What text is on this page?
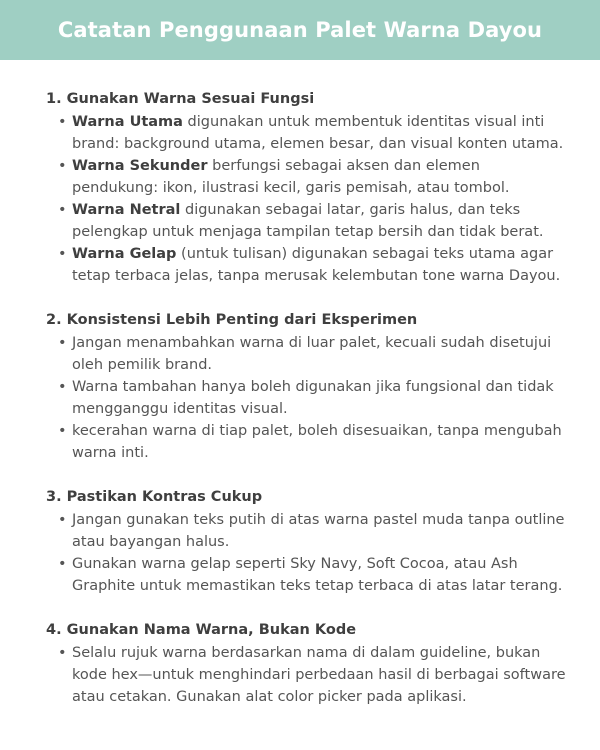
Catatan Penggunaan Palet Warna Dayou
1. Gunakan Warna Sesuai Fungsi
• Warna Utama digunakan untuk membentuk identitas visual inti brand: background utama, elemen besar, dan visual konten utama.
• Warna Sekunder berfungsi sebagai aksen dan elemen pendukung: ikon, ilustrasi kecil, garis pemisah, atau tombol.
• Warna Netral digunakan sebagai latar, garis halus, dan teks pelengkap untuk menjaga tampilan tetap bersih dan tidak berat.
• Warna Gelap (untuk tulisan) digunakan sebagai teks utama agar tetap terbaca jelas, tanpa merusak kelembutan tone warna Dayou.
2. Konsistensi Lebih Penting dari Eksperimen
• Jangan menambahkan warna di luar palet, kecuali sudah disetujui oleh pemilik brand.
• Warna tambahan hanya boleh digunakan jika fungsional dan tidak mengganggu identitas visual.
• kecerahan warna di tiap palet, boleh disesuaikan, tanpa mengubah warna inti.
3. Pastikan Kontras Cukup
• Jangan gunakan teks putih di atas warna pastel muda tanpa outline atau bayangan halus.
• Gunakan warna gelap seperti Sky Navy, Soft Cocoa, atau Ash Graphite untuk memastikan teks tetap terbaca di atas latar terang.
4. Gunakan Nama Warna, Bukan Kode
• Selalu rujuk warna berdasarkan nama di dalam guideline, bukan kode hex—untuk menghindari perbedaan hasil di berbagai software atau cetakan. Gunakan alat color picker pada aplikasi.
